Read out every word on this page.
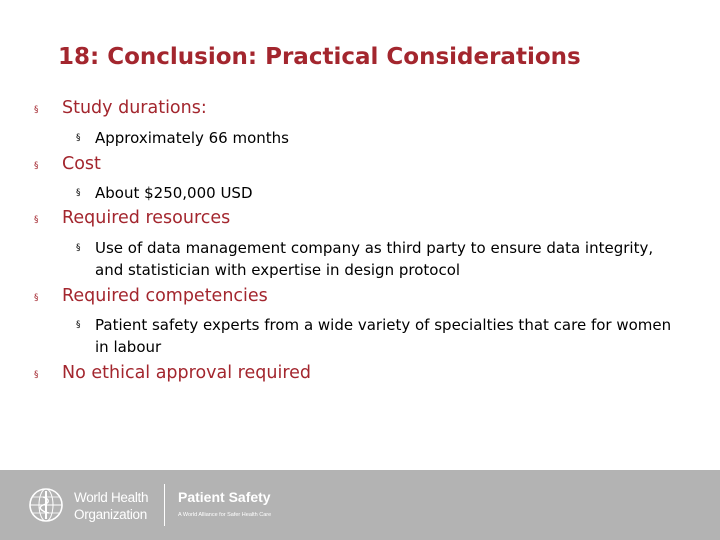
18: Conclusion: Practical Considerations
§ Study durations:
§ Approximately 66 months
§ Cost
§ About $250,000 USD
§ Required resources
§ Use of data management company as third party to ensure data integrity, and statistician with expertise in design protocol
§ Required competencies
§ Patient safety experts from a wide variety of specialties that care for women in labour
§ No ethical approval required
World Health
Organization
Patient Safety
A World Alliance for Safer Health Care
